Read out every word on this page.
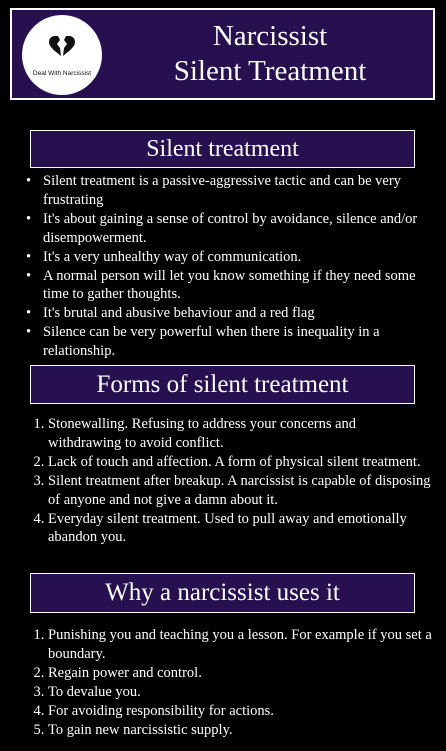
Deal With Narcissist
Narcissist
Silent Treatment
Silent treatment
• Silent treatment is a passive-aggressive tactic and can be very frustrating
• It's about gaining a sense of control by avoidance, silence and/or disempowerment.
• It's a very unhealthy way of communication.
• A normal person will let you know something if they need some time to gather thoughts.
• It's brutal and abusive behaviour and a red flag
• Silence can be very powerful when there is inequality in a relationship.
Forms of silent treatment
1. Stonewalling. Refusing to address your concerns and withdrawing to avoid conflict.
2. Lack of touch and affection. A form of physical silent treatment.
3. Silent treatment after breakup. A narcissist is capable of disposing of anyone and not give a damn about it.
4. Everyday silent treatment. Used to pull away and emotionally abandon you.
Why a narcissist uses it
1. Punishing you and teaching you a lesson. For example if you set a boundary.
2. Regain power and control.
3. To devalue you.
4. For avoiding responsibility for actions.
5. To gain new narcissistic supply.
